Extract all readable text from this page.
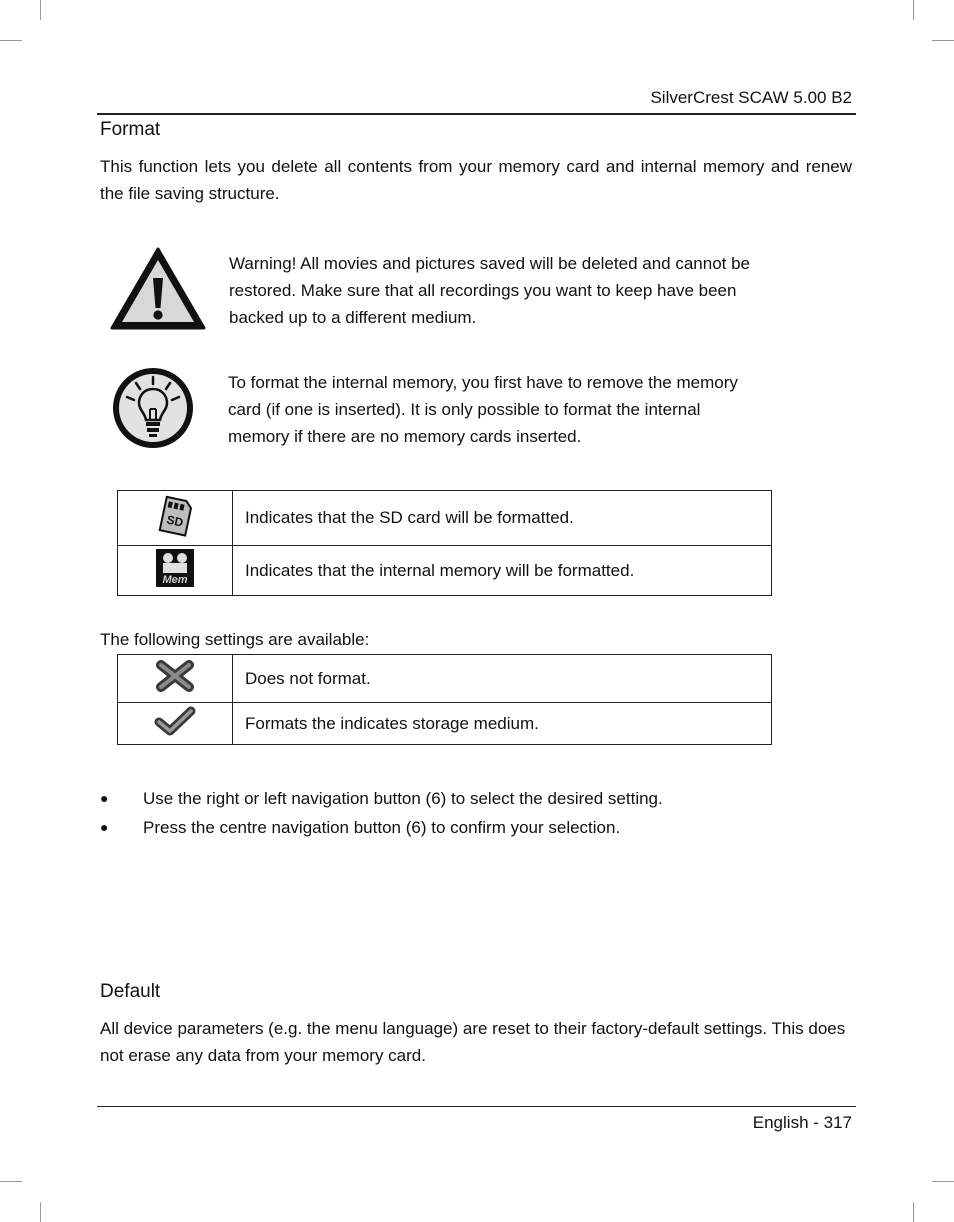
SilverCrest SCAW 5.00 B2
Format
This function lets you delete all contents from your memory card and internal memory and renew the file saving structure.
Warning! All movies and pictures saved will be deleted and cannot be
restored. Make sure that all recordings you want to keep have been
backed up to a different medium.
To format the internal memory, you first have to remove the memory
card (if one is inserted). It is only possible to format the internal
memory if there are no memory cards inserted.
SD	Indicates that the SD card will be formatted.

Mem	Indicates that the internal memory will be formatted.
The following settings are available:
	Does not format.
	Formats the indicates storage medium.
● Use the right or left navigation button (6) to select the desired setting.
● Press the centre navigation button (6) to confirm your selection.
Default
All device parameters (e.g. the menu language) are reset to their factory-default settings. This does not erase any data from your memory card.
English - 317
